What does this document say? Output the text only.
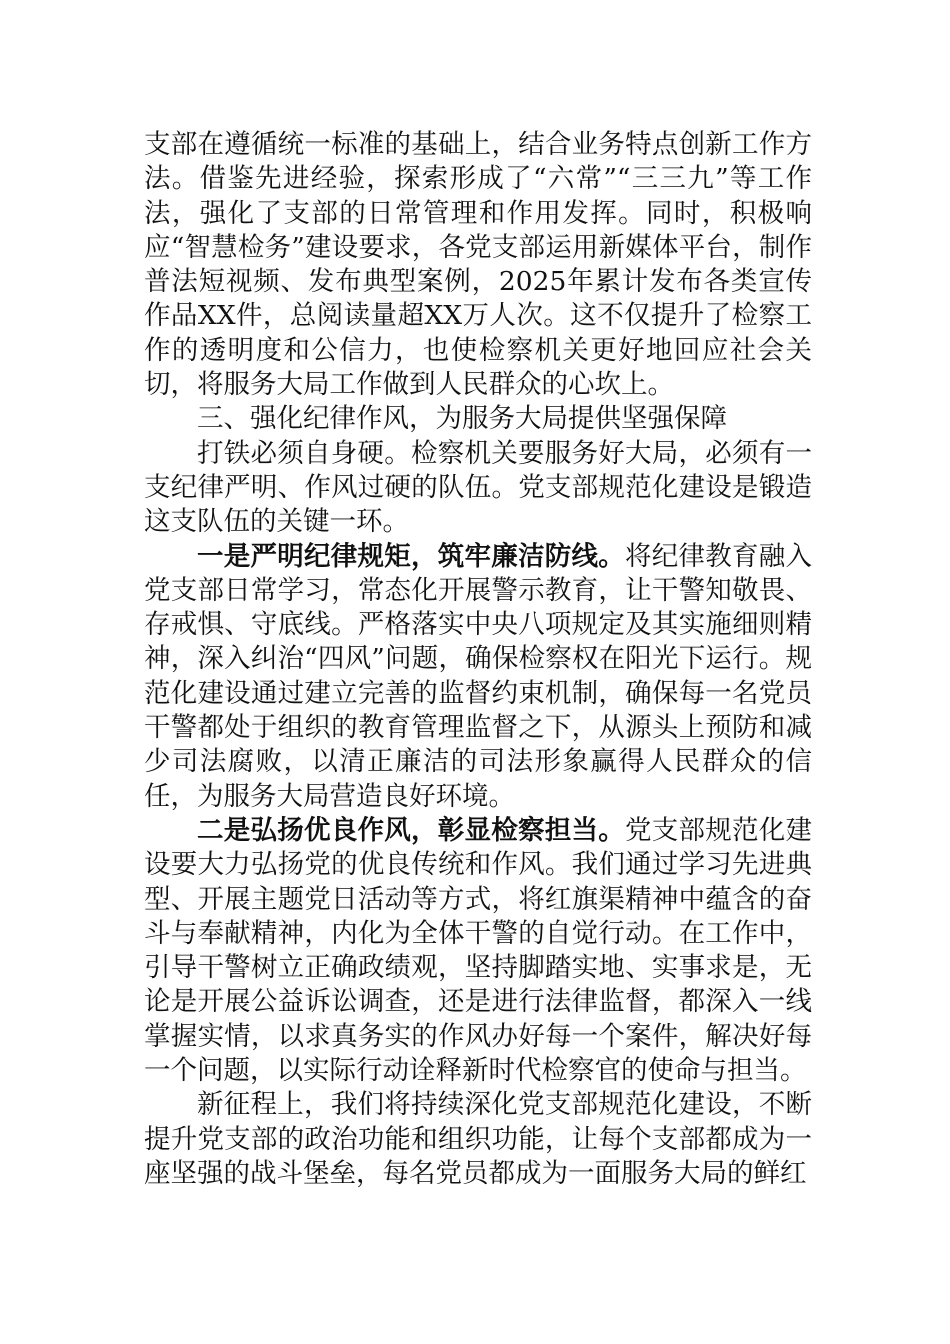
支部在遵循统一标准的基础上，结合业务特点创新工作方法。借鉴先进经验，探索形成了“六常”“三三九”等工作法，强化了支部的日常管理和作用发挥。同时，积极响应“智慧检务”建设要求，各党支部运用新媒体平台，制作普法短视频、发布典型案例，2025年累计发布各类宣传作品XX件，总阅读量超XX万人次。这不仅提升了检察工作的透明度和公信力，也使检察机关更好地回应社会关切，将服务大局工作做到人民群众的心坎上。

三、强化纪律作风，为服务大局提供坚强保障

打铁必须自身硬。检察机关要服务好大局，必须有一支纪律严明、作风过硬的队伍。党支部规范化建设是锻造这支队伍的关键一环。

一是严明纪律规矩，筑牢廉洁防线。将纪律教育融入党支部日常学习，常态化开展警示教育，让干警知敬畏、存戒惧、守底线。严格落实中央八项规定及其实施细则精神，深入纠治“四风”问题，确保检察权在阳光下运行。规范化建设通过建立完善的监督约束机制，确保每一名党员干警都处于组织的教育管理监督之下，从源头上预防和减少司法腐败，以清正廉洁的司法形象赢得人民群众的信任，为服务大局营造良好环境。

二是弘扬优良作风，彰显检察担当。党支部规范化建设要大力弘扬党的优良传统和作风。我们通过学习先进典型、开展主题党日活动等方式，将红旗渠精神中蕴含的奋斗与奉献精神，内化为全体干警的自觉行动。在工作中，引导干警树立正确政绩观，坚持脚踏实地、实事求是，无论是开展公益诉讼调查，还是进行法律监督，都深入一线掌握实情，以求真务实的作风办好每一个案件，解决好每一个问题，以实际行动诠释新时代检察官的使命与担当。

新征程上，我们将持续深化党支部规范化建设，不断提升党支部的政治功能和组织功能，让每个支部都成为一座坚强的战斗堡垒，每名党员都成为一面服务大局的鲜红
